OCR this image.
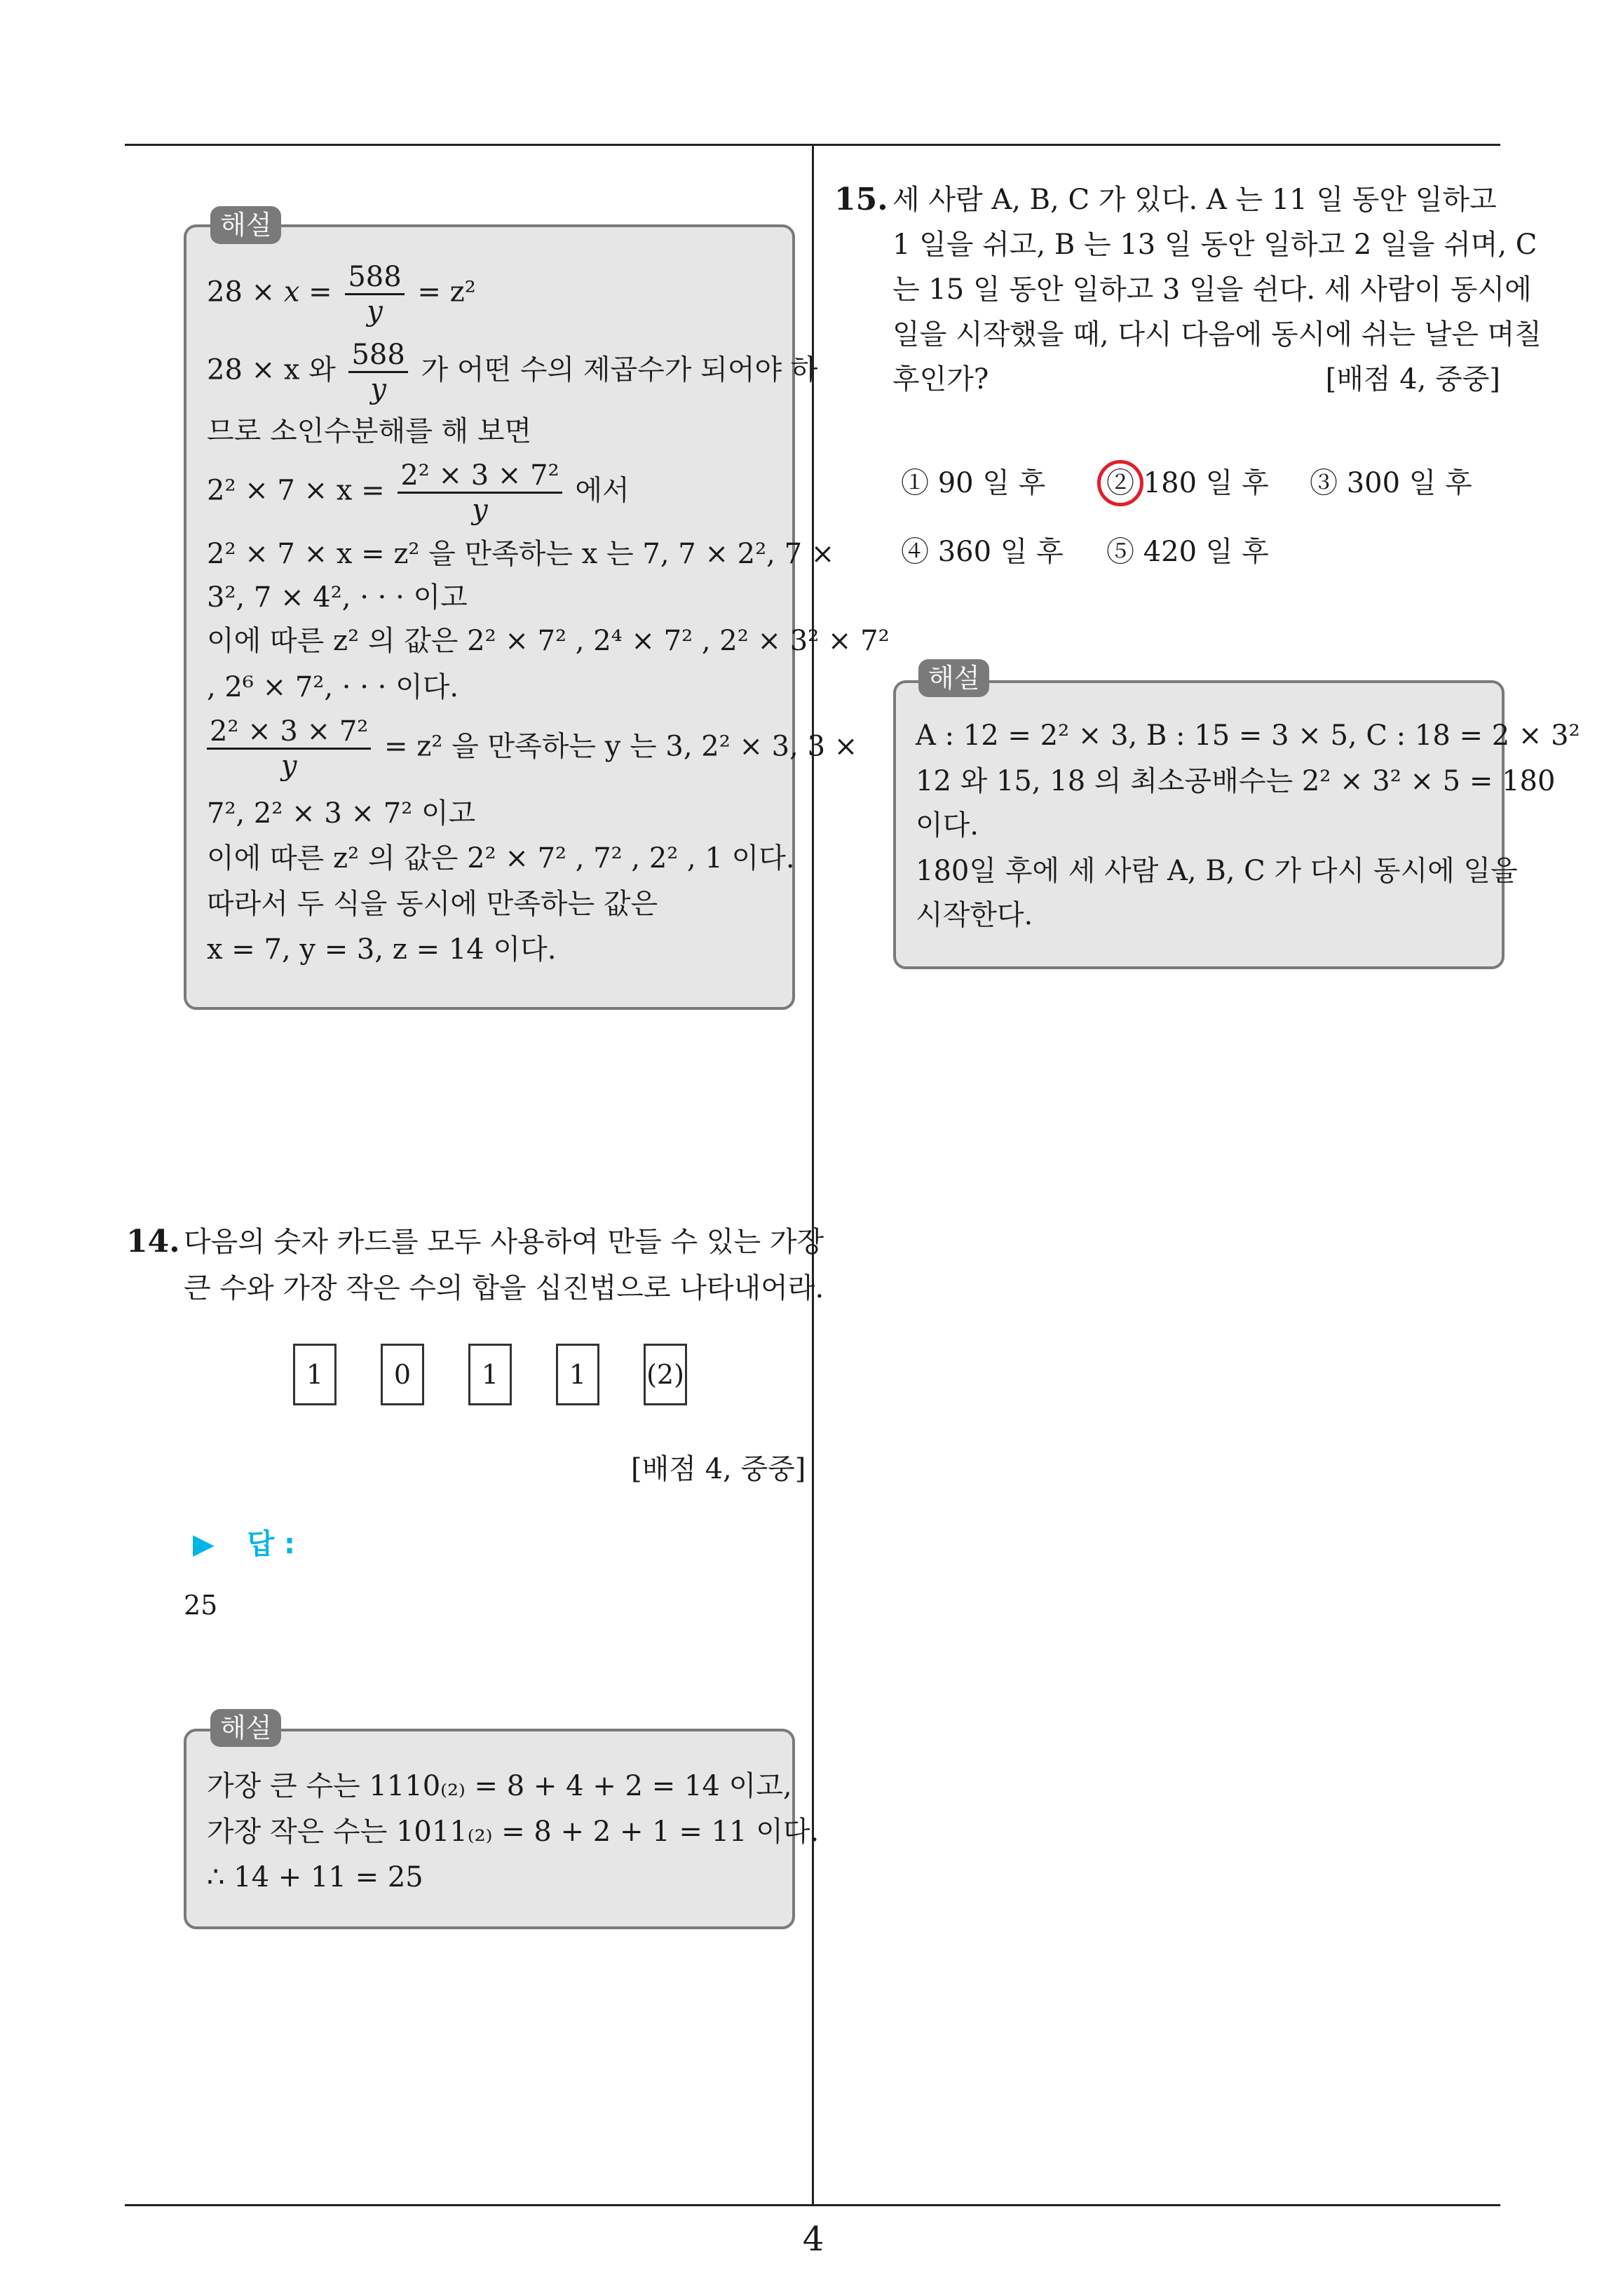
4
해설
$28 \times x = \frac{588}{y} = z^2$
28 × x 와 $\frac{588}{y}$ 가 어떤 수의 제곱수가 되어야 하
므로 소인수분해를 해 보면
$2^2 \times 7 \times x = \frac{\text{2² × 3 × 7²}}{y}$ 에서
2² × 7 × x = z² 을 만족하는 x 는 7, 7 × 2², 7 ×
3², 7 × 4², · · · 이고
이에 따른 z² 의 값은 2² × 7² , 2⁴ × 7² , 2² × 3² × 7²
, 2⁶ × 7², · · · 이다.
$\frac{\text{2² × 3 × 7²}}{y} = z^2$ 을 만족하는 y 는 3, 2² × 3, 3 ×
7², 2² × 3 × 7² 이고
이에 따른 z² 의 값은 2² × 7² , 7² , 2² , 1 이다.
따라서 두 식을 동시에 만족하는 값은
x = 7, y = 3, z = 14 이다.
14. 다음의 숫자 카드를 모두 사용하여 만들 수 있는 가장
큰 수와 가장 작은 수의 합을 십진법으로 나타내어라.
1	0	1	1	(2)
[배점 4, 중중]
▶ 답 :
25
해설
가장 큰 수는 1110₍₂₎ = 8 + 4 + 2 = 14 이고,
가장 작은 수는 1011₍₂₎ = 8 + 2 + 1 = 11 이다.
∴ 14 + 11 = 25
15. 세 사람 A, B, C 가 있다. A 는 11 일 동안 일하고
1 일을 쉬고, B 는 13 일 동안 일하고 2 일을 쉬며, C
는 15 일 동안 일하고 3 일을 쉰다. 세 사람이 동시에
일을 시작했을 때, 다시 다음에 동시에 쉬는 날은 며칠
후인가?	[배점 4, 중중]
① 90 일 후 ② 180 일 후 ③ 300 일 후
④ 360 일 후 ⑤ 420 일 후
해설
A : 12 = 2² × 3, B : 15 = 3 × 5, C : 18 = 2 × 3²
12 와 15, 18 의 최소공배수는 2² × 3² × 5 = 180
이다.
180일 후에 세 사람 A, B, C 가 다시 동시에 일을
시작한다.
